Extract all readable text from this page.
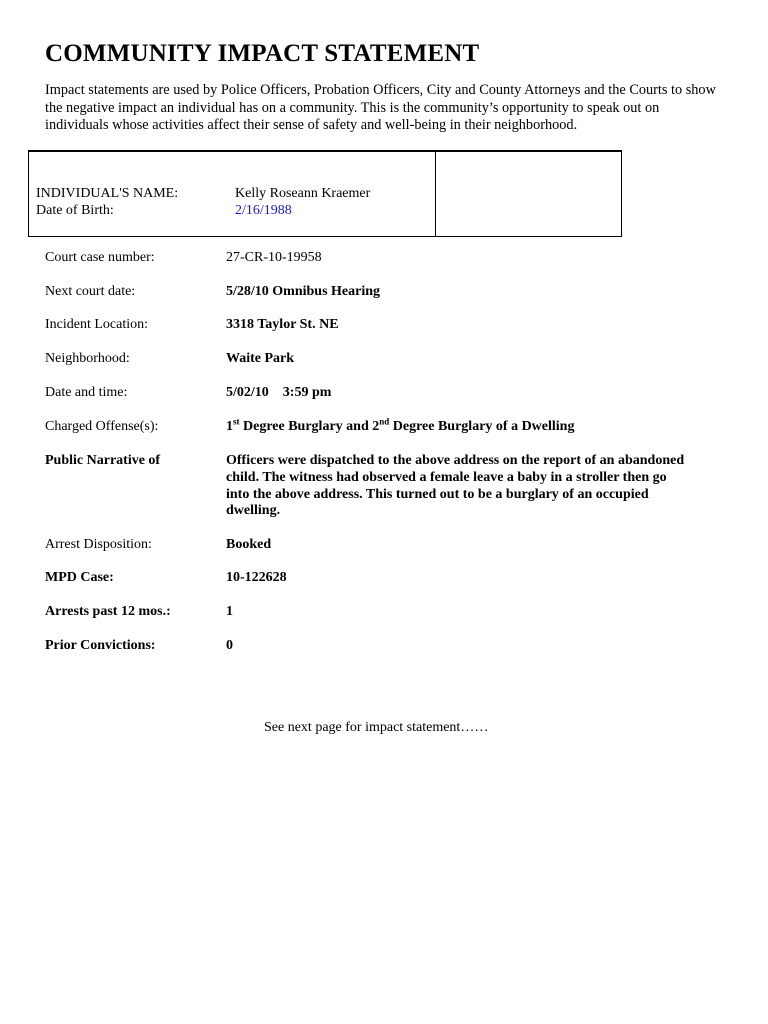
COMMUNITY IMPACT STATEMENT
Impact statements are used by Police Officers, Probation Officers, City and County Attorneys and the Courts to show
the negative impact an individual has on a community. This is the community’s opportunity to speak out on
individuals whose activities affect their sense of safety and well-being in their neighborhood.
INDIVIDUAL'S NAME:	Kelly Roseann Kraemer
Date of Birth:	2/16/1988
Court case number:	27-CR-10-19958
Next court date:	5/28/10 Omnibus Hearing
Incident Location:	3318 Taylor St. NE
Neighborhood:	Waite Park
Date and time:	5/02/10    3:59 pm
Charged Offense(s):	1st Degree Burglary and 2nd Degree Burglary of a Dwelling
Public Narrative of	Officers were dispatched to the above address on the report of an abandoned
child. The witness had observed a female leave a baby in a stroller then go
into the above address. This turned out to be a burglary of an occupied
dwelling.
Arrest Disposition:	Booked
MPD Case:	10-122628
Arrests past 12 mos.:	1
Prior Convictions:	0
See next page for impact statement……
